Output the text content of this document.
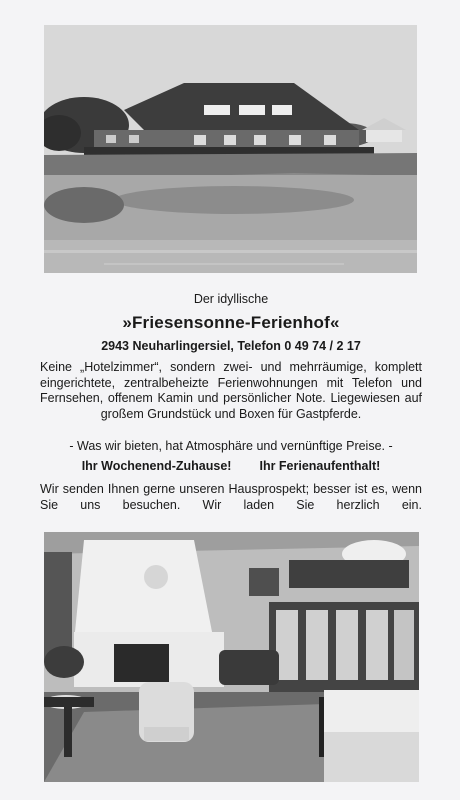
Der idyllische
»Friesensonne-Ferienhof«
2943 Neuharlingersiel, Telefon 0 49 74 / 2 17
Keine „Hotelzimmer“, sondern zwei- und mehrräumige, komplett eingerichtete, zentralbeheizte Ferienwohnungen mit Telefon und Fernsehen, offenem Kamin und persönlicher Note. Liegewiesen auf großem Grundstück und Boxen für Gastpferde.
- Was wir bieten, hat Atmosphäre und vernünftige Preise. -
Ihr Wochenend-Zuhause! Ihr Ferienaufenthalt!
Wir senden Ihnen gerne unseren Hausprospekt; besser ist es, wenn Sie uns besuchen. Wir laden Sie herzlich ein.
